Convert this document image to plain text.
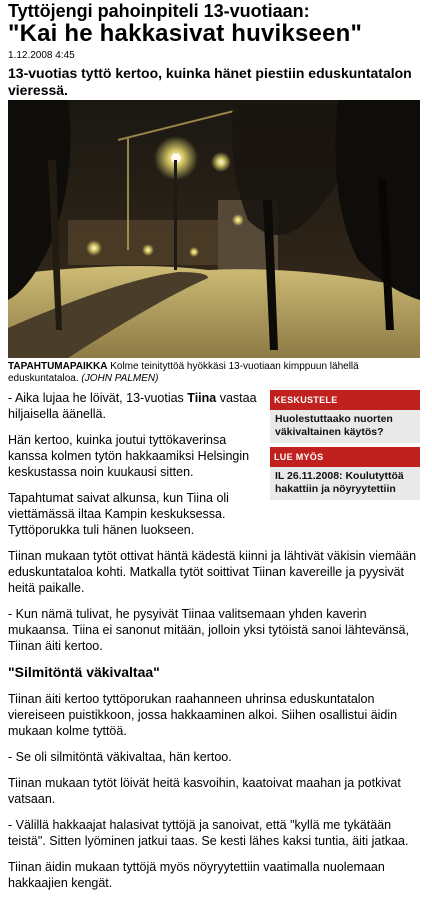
Tyttöjengi pahoinpiteli 13-vuotiaan:
"Kai he hakkasivat huvikseen"
1.12.2008 4:45
13-vuotias tyttö kertoo, kuinka hänet piestiin eduskuntatalon vieressä.
TAPAHTUMAPAIKKA Kolme teinityttöä hyökkäsi 13-vuotiaan kimppuun lähellä eduskuntataloa. (JOHN PALMEN)
KESKUSTELE
Huolestuttaako nuorten väkivaltainen käytös?
LUE MYÖS
IL 26.11.2008: Koulutyttöä hakattiin ja nöyryytettiin

- Aika lujaa he löivät, 13-vuotias Tiina vastaa hiljaisella äänellä.

Hän kertoo, kuinka joutui tyttökaverinsa kanssa kolmen tytön hakkaamiksi Helsingin keskustassa noin kuukausi sitten.

Tapahtumat saivat alkunsa, kun Tiina oli viettämässä iltaa Kampin keskuksessa. Tyttöporukka tuli hänen luokseen.

Tiinan mukaan tytöt ottivat häntä kädestä kiinni ja lähtivät väkisin viemään eduskuntataloa kohti. Matkalla tytöt soittivat Tiinan kavereille ja pyysivät heitä paikalle.

- Kun nämä tulivat, he pysyivät Tiinaa valitsemaan yhden kaverin mukaansa. Tiina ei sanonut mitään, jolloin yksi tytöistä sanoi lähtevänsä, Tiinan äiti kertoo.

"Silmitöntä väkivaltaa"

Tiinan äiti kertoo tyttöporukan raahanneen uhrinsa eduskuntatalon viereiseen puistikkoon, jossa hakkaaminen alkoi. Siihen osallistui äidin mukaan kolme tyttöä.

- Se oli silmitöntä väkivaltaa, hän kertoo.

Tiinan mukaan tytöt löivät heitä kasvoihin, kaatoivat maahan ja potkivat vatsaan.

- Välillä hakkaajat halasivat tyttöjä ja sanoivat, että "kyllä me tykätään teistä". Sitten lyöminen jatkui taas. Se kesti lähes kaksi tuntia, äiti jatkaa.

Tiinan äidin mukaan tyttöjä myös nöyryytettiin vaatimalla nuolemaan hakkaajien kengät.
